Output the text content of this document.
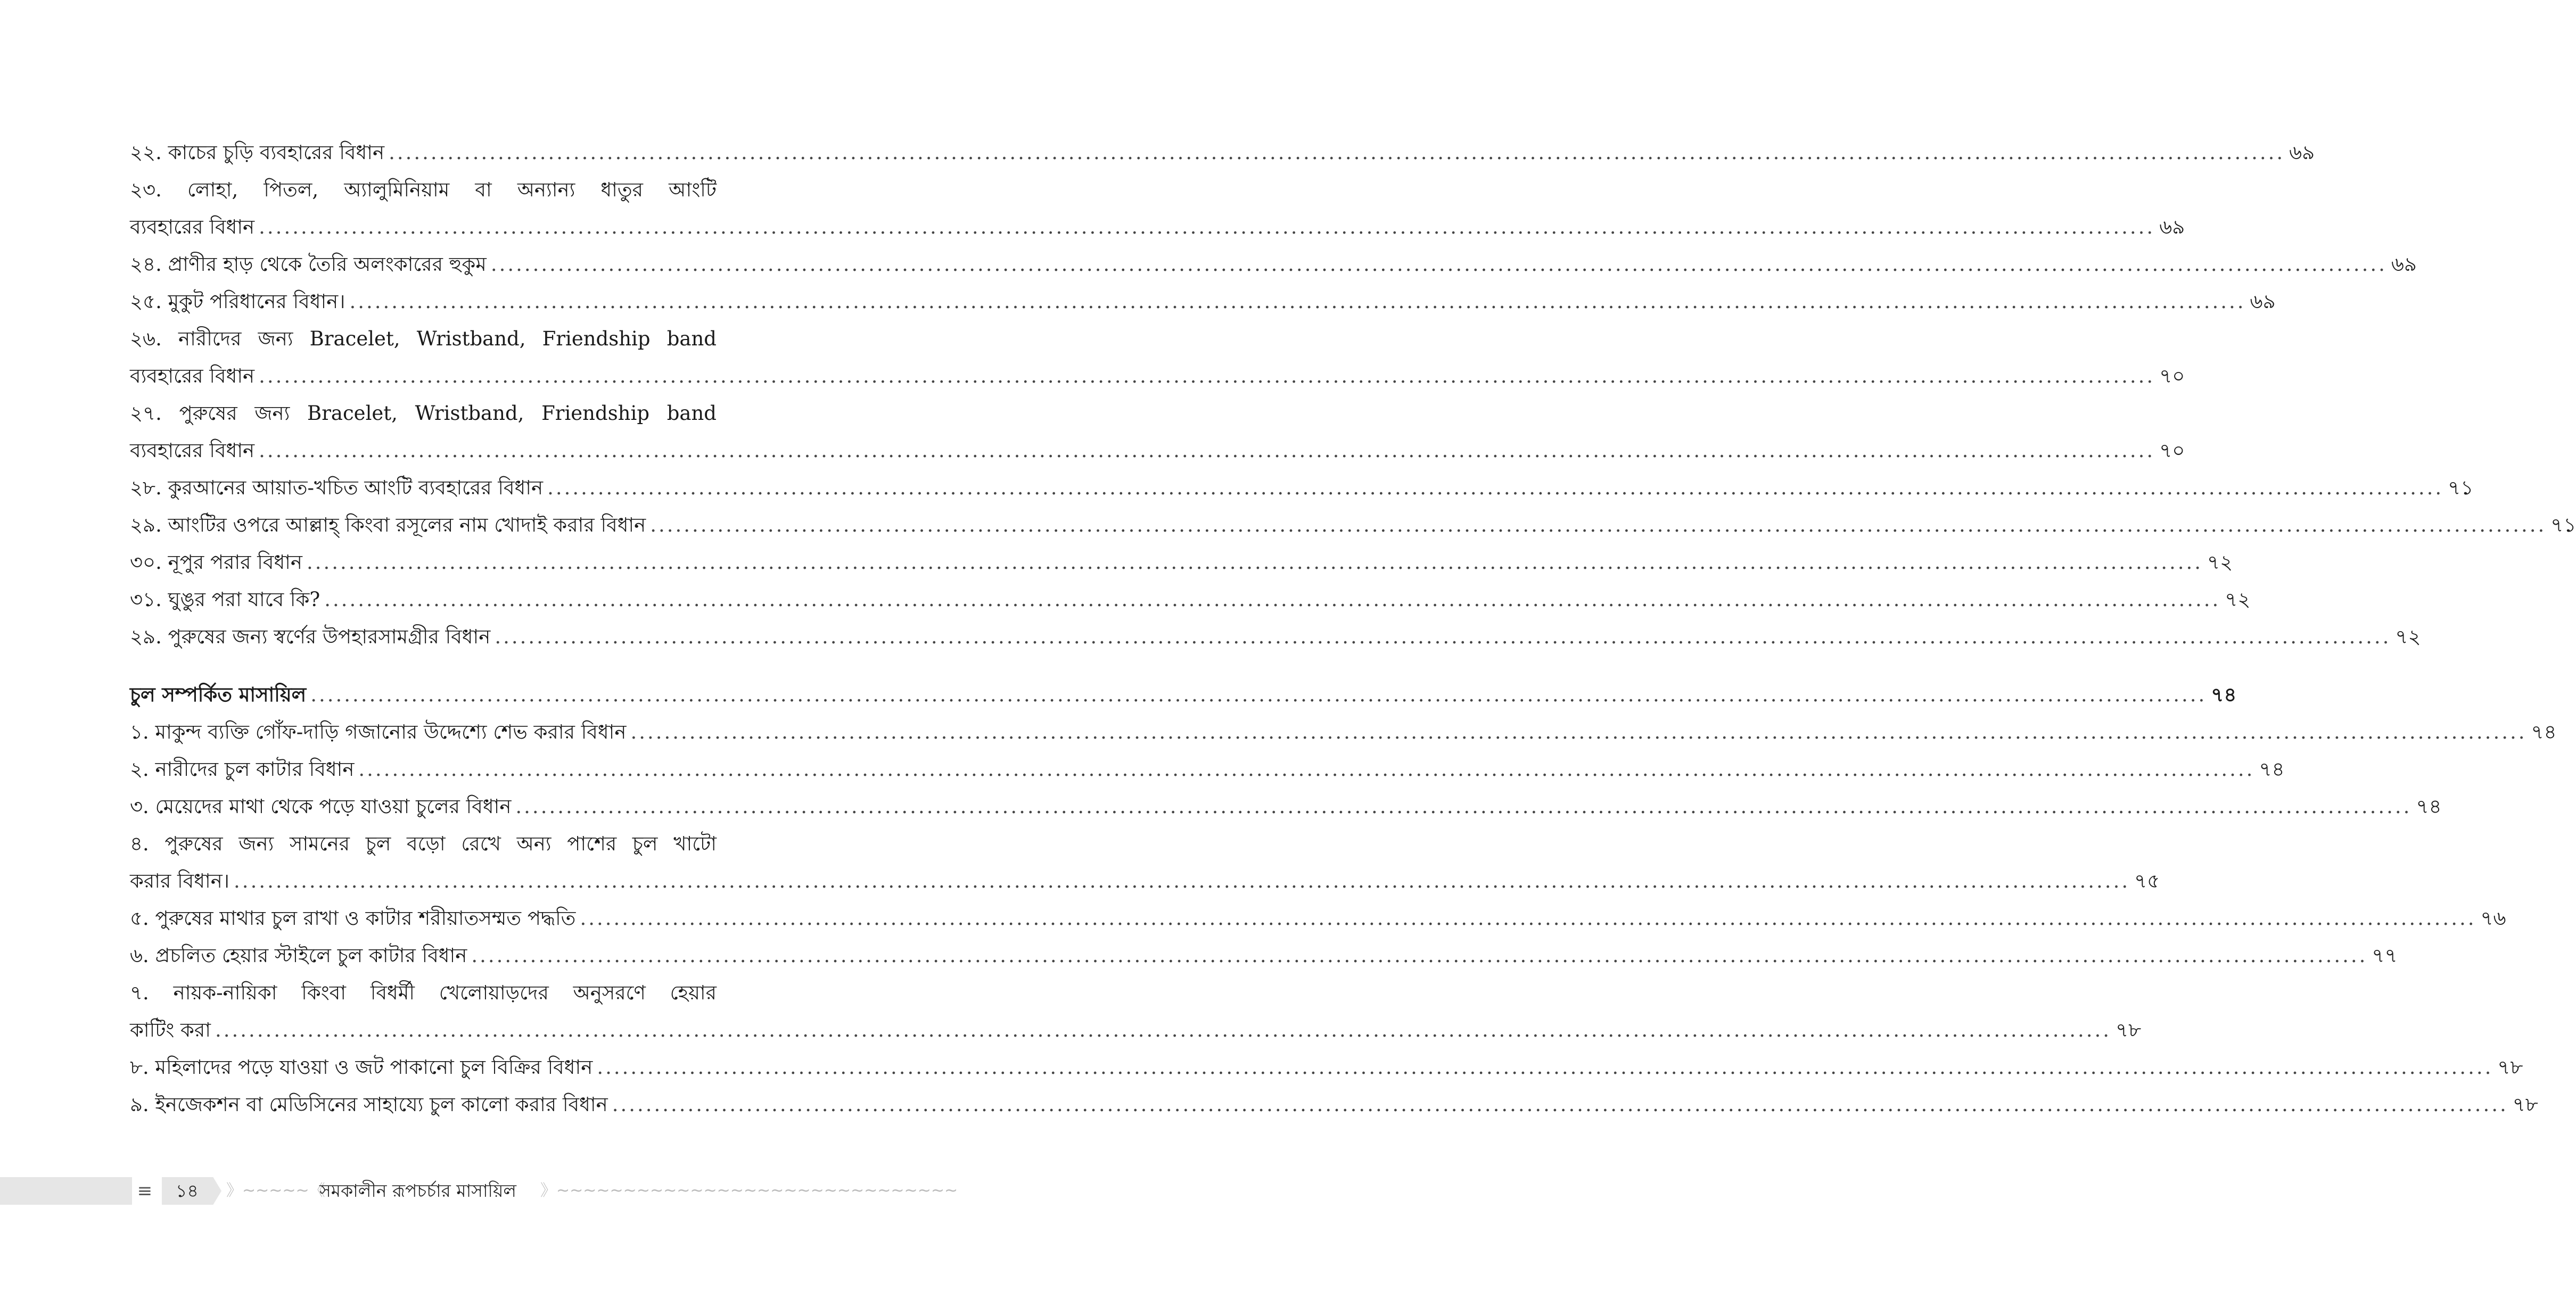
২২. কাচের চুড়ি ব্যবহারের বিধান .....	৬৯
২৩. লোহা, পিতল, অ্যালুমিনিয়াম বা অন্যান্য ধাতুর আংটি
ব্যবহারের বিধান .....	৬৯
২৪. প্রাণীর হাড় থেকে তৈরি অলংকারের হুকুম .....	৬৯
২৫. মুকুট পরিধানের বিধান। .....	৬৯
২৬. নারীদের জন্য Bracelet, Wristband, Friendship band
ব্যবহারের বিধান .....	৭০
২৭. পুরুষের জন্য Bracelet, Wristband, Friendship band
ব্যবহারের বিধান .....	৭০
২৮. কুরআনের আয়াত-খচিত আংটি ব্যবহারের বিধান .....	৭১
২৯. আংটির ওপরে আল্লাহ্ কিংবা রসূলের নাম খোদাই করার বিধান .....	৭১
৩০. নূপুর পরার বিধান .....	৭২
৩১. ঘুঙুর পরা যাবে কি? .....	৭২
২৯. পুরুষের জন্য স্বর্ণের উপহারসামগ্রীর বিধান .....	৭২
চুল সম্পর্কিত মাসায়িল .....	৭৪
১. মাকুন্দ ব্যক্তি গোঁফ-দাড়ি গজানোর উদ্দেশ্যে শেভ করার বিধান .....	৭৪
২. নারীদের চুল কাটার বিধান .....	৭৪
৩. মেয়েদের মাথা থেকে পড়ে যাওয়া চুলের বিধান .....	৭৪
৪. পুরুষের জন্য সামনের চুল বড়ো রেখে অন্য পাশের চুল খাটো
করার বিধান। .....	৭৫
৫. পুরুষের মাথার চুল রাখা ও কাটার শরীয়াতসম্মত পদ্ধতি .....	৭৬
৬. প্রচলিত হেয়ার স্টাইলে চুল কাটার বিধান .....	৭৭
৭. নায়ক-নায়িকা কিংবা বিধর্মী খেলোয়াড়দের অনুসরণে হেয়ার
কাটিং করা .....	৭৮
৮. মহিলাদের পড়ে যাওয়া ও জট পাকানো চুল বিক্রির বিধান .....	৭৮
৯. ইনজেকশন বা মেডিসিনের সাহায্যে চুল কালো করার বিধান .....	৭৮
≡ ১৪ 》~~~~~《
সমকালীন রূপচর্চার মাসায়িল 》~~~~~~~~~~~~~~~~~~~~~~~~~~~~~~
